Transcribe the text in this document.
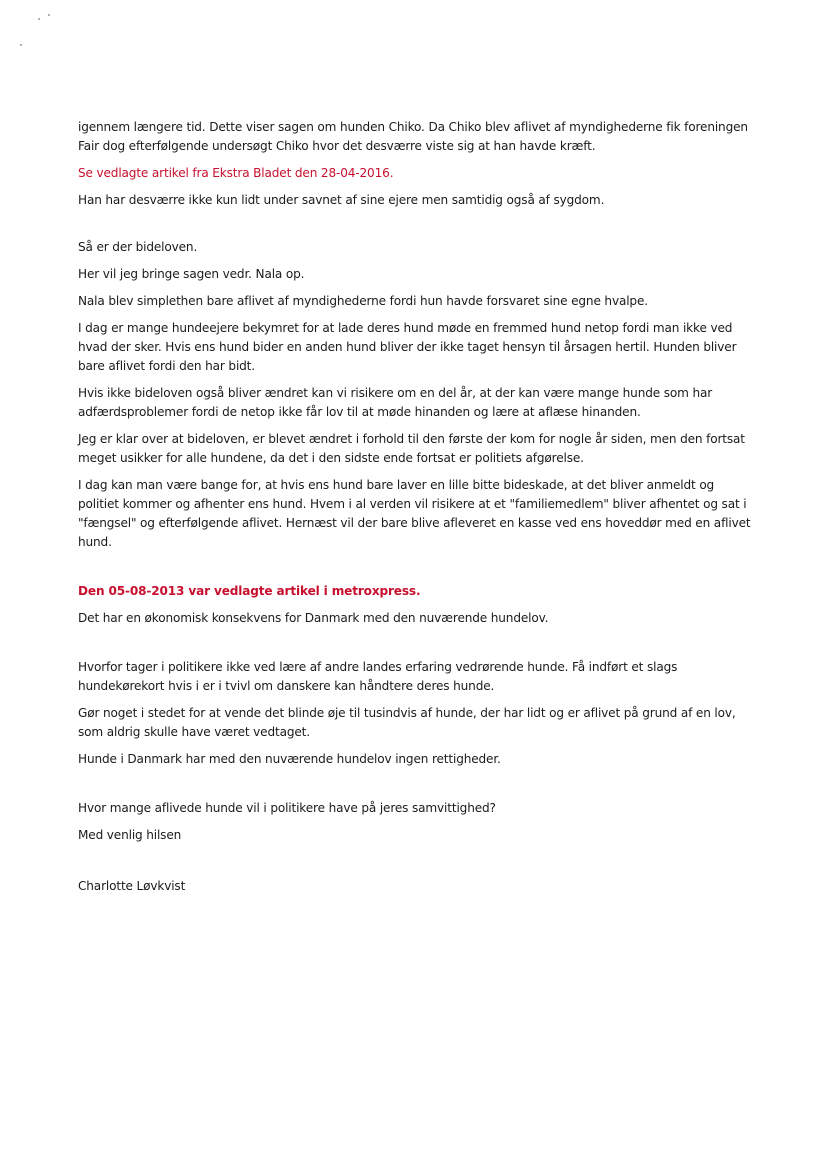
igennem længere tid. Dette viser sagen om hunden Chiko. Da Chiko blev aflivet af myndighederne fik foreningen Fair dog efterfølgende undersøgt Chiko hvor det desværre viste sig at han havde kræft.

Se vedlagte artikel fra Ekstra Bladet den 28-04-2016.

Han har desværre ikke kun lidt under savnet af sine ejere men samtidig også af sygdom.

Så er der bideloven.

Her vil jeg bringe sagen vedr. Nala op.

Nala blev simplethen bare aflivet af myndighederne fordi hun havde forsvaret sine egne hvalpe.

I dag er mange hundeejere bekymret for at lade deres hund møde en fremmed hund netop fordi man ikke ved hvad der sker. Hvis ens hund bider en anden hund bliver der ikke taget hensyn til årsagen hertil. Hunden bliver bare aflivet fordi den har bidt.

Hvis ikke bideloven også bliver ændret kan vi risikere om en del år, at der kan være mange hunde som har adfærdsproblemer fordi de netop ikke får lov til at møde hinanden og lære at aflæse hinanden.

Jeg er klar over at bideloven, er blevet ændret i forhold til den første der kom for nogle år siden, men den fortsat meget usikker for alle hundene, da det i den sidste ende fortsat er politiets afgørelse.

I dag kan man være bange for, at hvis ens hund bare laver en lille bitte bideskade, at det bliver anmeldt og politiet kommer og afhenter ens hund. Hvem i al verden vil risikere at et "familiemedlem" bliver afhentet og sat i "fængsel" og efterfølgende aflivet. Hernæst vil der bare blive afleveret en kasse ved ens hoveddør med en aflivet hund.

Den 05-08-2013 var vedlagte artikel i metroxpress.

Det har en økonomisk konsekvens for Danmark med den nuværende hundelov.

Hvorfor tager i politikere ikke ved lære af andre landes erfaring vedrørende hunde. Få indført et slags hundekørekort hvis i er i tvivl om danskere kan håndtere deres hunde.

Gør noget i stedet for at vende det blinde øje til tusindvis af hunde, der har lidt og er aflivet på grund af en lov, som aldrig skulle have været vedtaget.

Hunde i Danmark har med den nuværende hundelov ingen rettigheder.

Hvor mange aflivede hunde vil i politikere have på jeres samvittighed?

Med venlig hilsen

Charlotte Løvkvist
